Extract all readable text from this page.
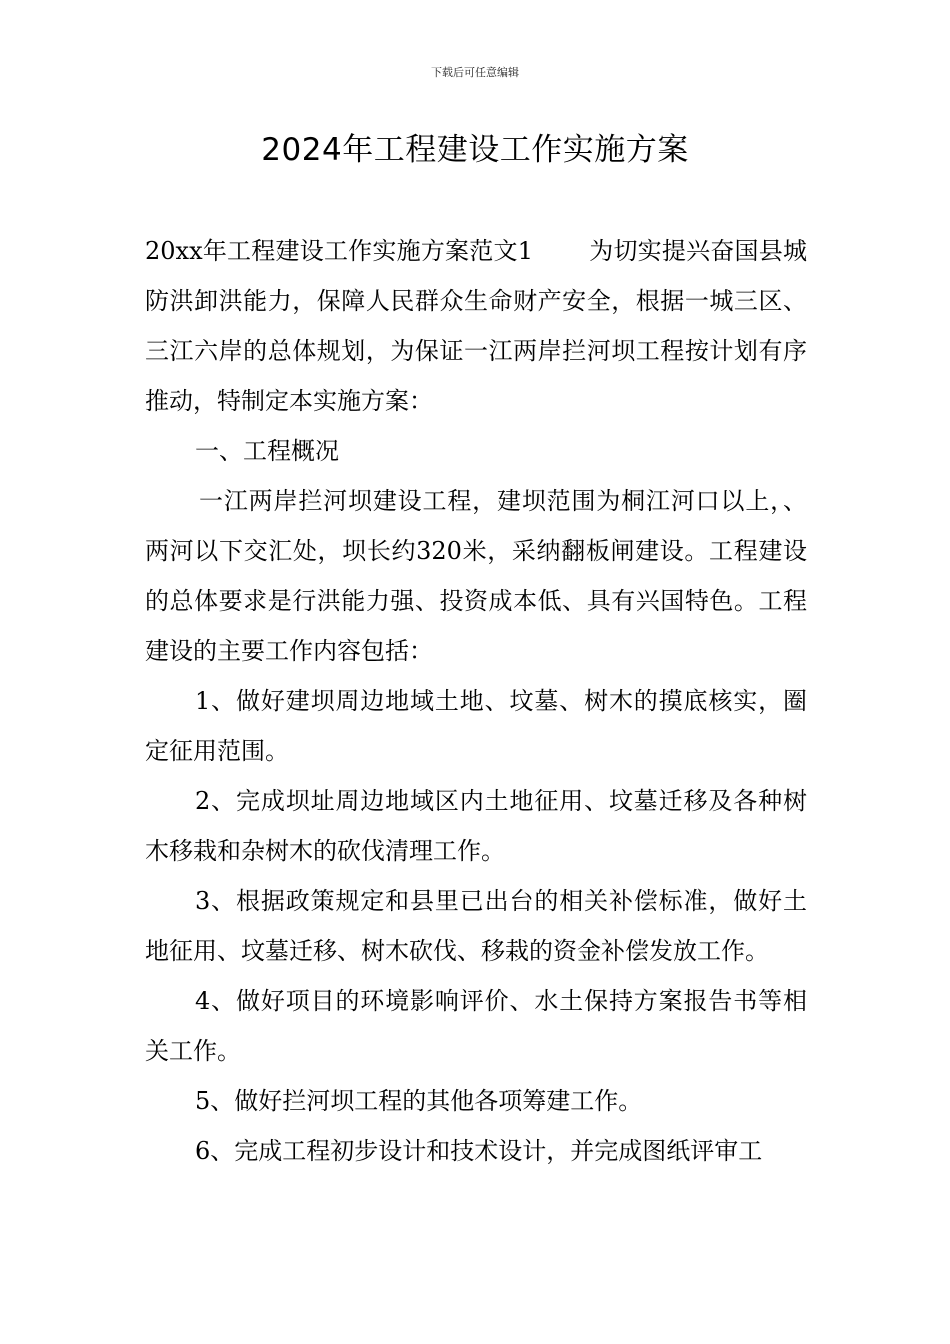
下载后可任意编辑
2024年工程建设工作实施方案

20xx年工程建设工作实施方案范文1 为切实提兴奋国县城防洪卸洪能力，保障人民群众生命财产安全，根据一城三区、三江六岸的总体规划，为保证一江两岸拦河坝工程按计划有序推动，特制定本实施方案：

一、工程概况

一江两岸拦河坝建设工程，建坝范围为桐江河口以上，、两河以下交汇处，坝长约320米，采纳翻板闸建设。工程建设的总体要求是行洪能力强、投资成本低、具有兴国特色。工程建设的主要工作内容包括：

1、做好建坝周边地域土地、坟墓、树木的摸底核实，圈定征用范围。

2、完成坝址周边地域区内土地征用、坟墓迁移及各种树木移栽和杂树木的砍伐清理工作。

3、根据政策规定和县里已出台的相关补偿标准，做好土地征用、坟墓迁移、树木砍伐、移栽的资金补偿发放工作。

4、做好项目的环境影响评价、水土保持方案报告书等相关工作。

5、做好拦河坝工程的其他各项筹建工作。

6、完成工程初步设计和技术设计，并完成图纸评审工
